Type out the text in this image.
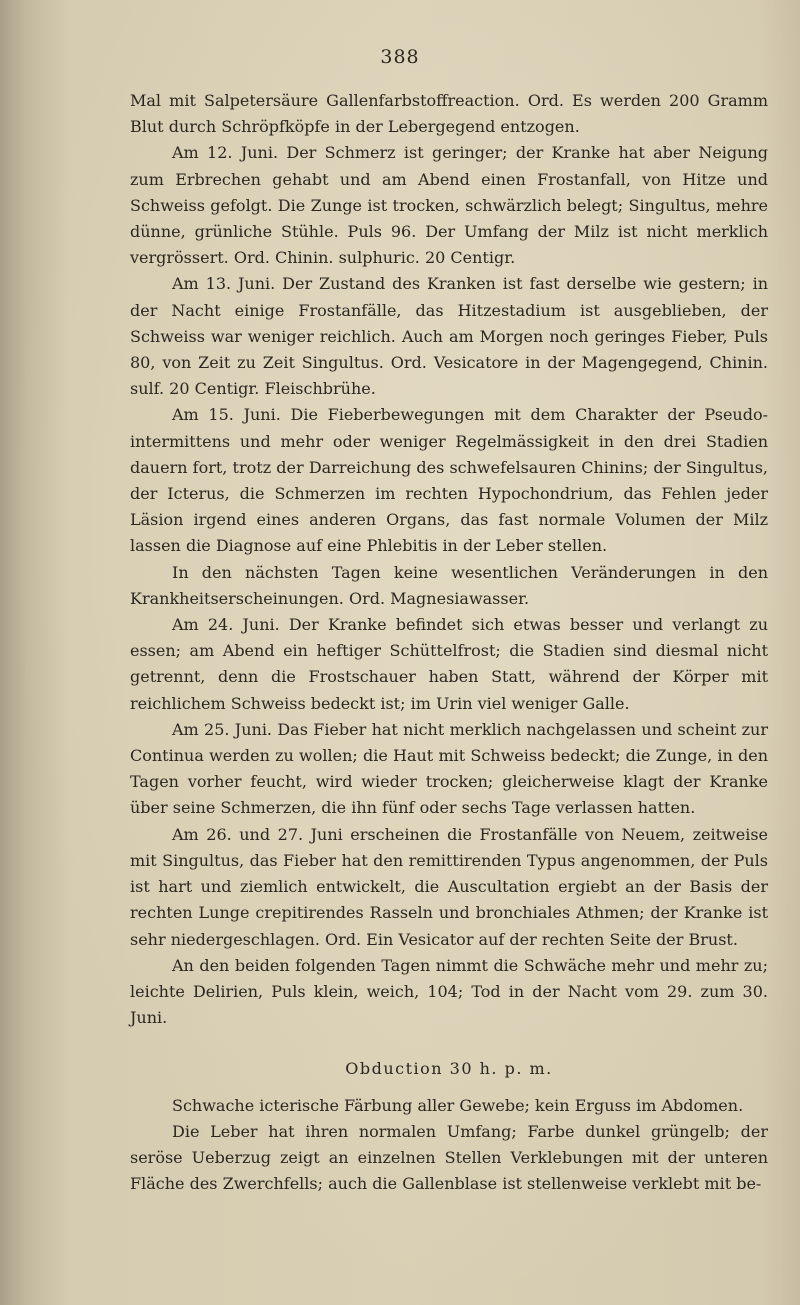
388

Mal mit Salpetersäure Gallenfarbstoffreaction. Ord. Es werden 200 Gramm Blut durch Schröpfköpfe in der Lebergegend entzogen.

Am 12. Juni. Der Schmerz ist geringer; der Kranke hat aber Neigung zum Erbrechen gehabt und am Abend einen Frostanfall, von Hitze und Schweiss gefolgt. Die Zunge ist trocken, schwärzlich belegt; Singultus, mehre dünne, grünliche Stühle. Puls 96. Der Umfang der Milz ist nicht merklich vergrössert. Ord. Chinin. sulphuric. 20 Centigr.

Am 13. Juni. Der Zustand des Kranken ist fast derselbe wie gestern; in der Nacht einige Frostanfälle, das Hitzestadium ist ausgeblieben, der Schweiss war weniger reichlich. Auch am Morgen noch geringes Fieber, Puls 80, von Zeit zu Zeit Singultus. Ord. Vesicatore in der Magengegend, Chinin. sulf. 20 Centigr. Fleischbrühe.

Am 15. Juni. Die Fieberbewegungen mit dem Charakter der Pseudo-intermittens und mehr oder weniger Regelmässigkeit in den drei Stadien dauern fort, trotz der Darreichung des schwefelsauren Chinins; der Singultus, der Icterus, die Schmerzen im rechten Hypochondrium, das Fehlen jeder Läsion irgend eines anderen Organs, das fast normale Volumen der Milz lassen die Diagnose auf eine Phlebitis in der Leber stellen.

In den nächsten Tagen keine wesentlichen Veränderungen in den Krankheitserscheinungen. Ord. Magnesiawasser.

Am 24. Juni. Der Kranke befindet sich etwas besser und verlangt zu essen; am Abend ein heftiger Schüttelfrost; die Stadien sind diesmal nicht getrennt, denn die Frostschauer haben Statt, während der Körper mit reichlichem Schweiss bedeckt ist; im Urin viel weniger Galle.

Am 25. Juni. Das Fieber hat nicht merklich nachgelassen und scheint zur Continua werden zu wollen; die Haut mit Schweiss bedeckt; die Zunge, in den Tagen vorher feucht, wird wieder trocken; gleicherweise klagt der Kranke über seine Schmerzen, die ihn fünf oder sechs Tage verlassen hatten.

Am 26. und 27. Juni erscheinen die Frostanfälle von Neuem, zeitweise mit Singultus, das Fieber hat den remittirenden Typus angenommen, der Puls ist hart und ziemlich entwickelt, die Auscultation ergiebt an der Basis der rechten Lunge crepitirendes Rasseln und bronchiales Athmen; der Kranke ist sehr niedergeschlagen. Ord. Ein Vesicator auf der rechten Seite der Brust.

An den beiden folgenden Tagen nimmt die Schwäche mehr und mehr zu; leichte Delirien, Puls klein, weich, 104; Tod in der Nacht vom 29. zum 30. Juni.

Obduction 30 h. p. m.

Schwache icterische Färbung aller Gewebe; kein Erguss im Abdomen.

Die Leber hat ihren normalen Umfang; Farbe dunkel grüngelb; der seröse Ueberzug zeigt an einzelnen Stellen Verklebungen mit der unteren Fläche des Zwerchfells; auch die Gallenblase ist stellenweise verklebt mit be-
